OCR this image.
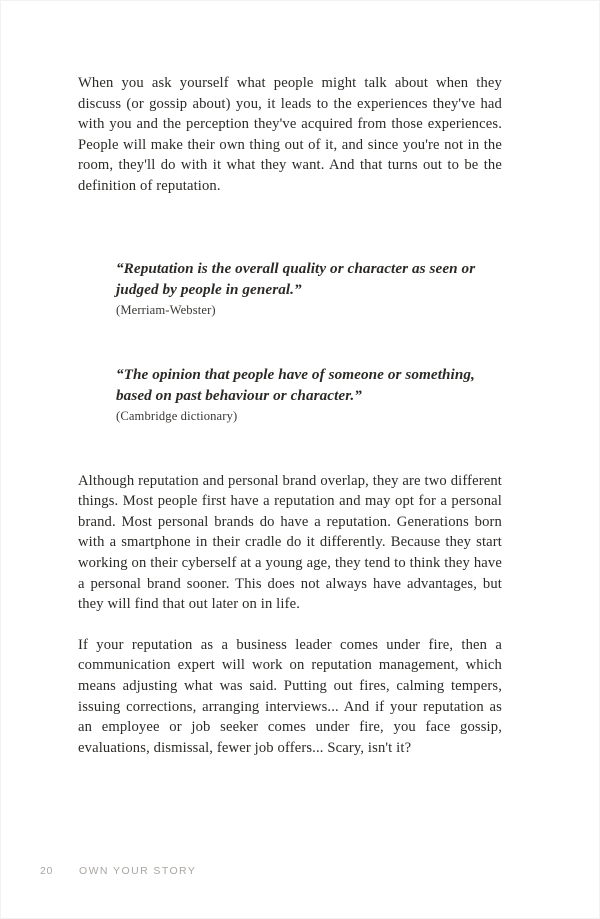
When you ask yourself what people might talk about when they discuss (or gossip about) you, it leads to the experiences they've had with you and the perception they've acquired from those experiences. People will make their own thing out of it, and since you're not in the room, they'll do with it what they want. And that turns out to be the definition of reputation.

“Reputation is the overall quality or character as seen or judged by people in general.”

(Merriam-Webster)

“The opinion that people have of someone or something, based on past behaviour or character.”

(Cambridge dictionary)

Although reputation and personal brand overlap, they are two different things. Most people first have a reputation and may opt for a personal brand. Most personal brands do have a reputation. Generations born with a smartphone in their cradle do it differently. Because they start working on their cyberself at a young age, they tend to think they have a personal brand sooner. This does not always have advantages, but they will find that out later on in life.

If your reputation as a business leader comes under fire, then a communication expert will work on reputation management, which means adjusting what was said. Putting out fires, calming tempers, issuing corrections, arranging interviews... And if your reputation as an employee or job seeker comes under fire, you face gossip, evaluations, dismissal, fewer job offers... Scary, isn't it?

20	OWN YOUR STORY
